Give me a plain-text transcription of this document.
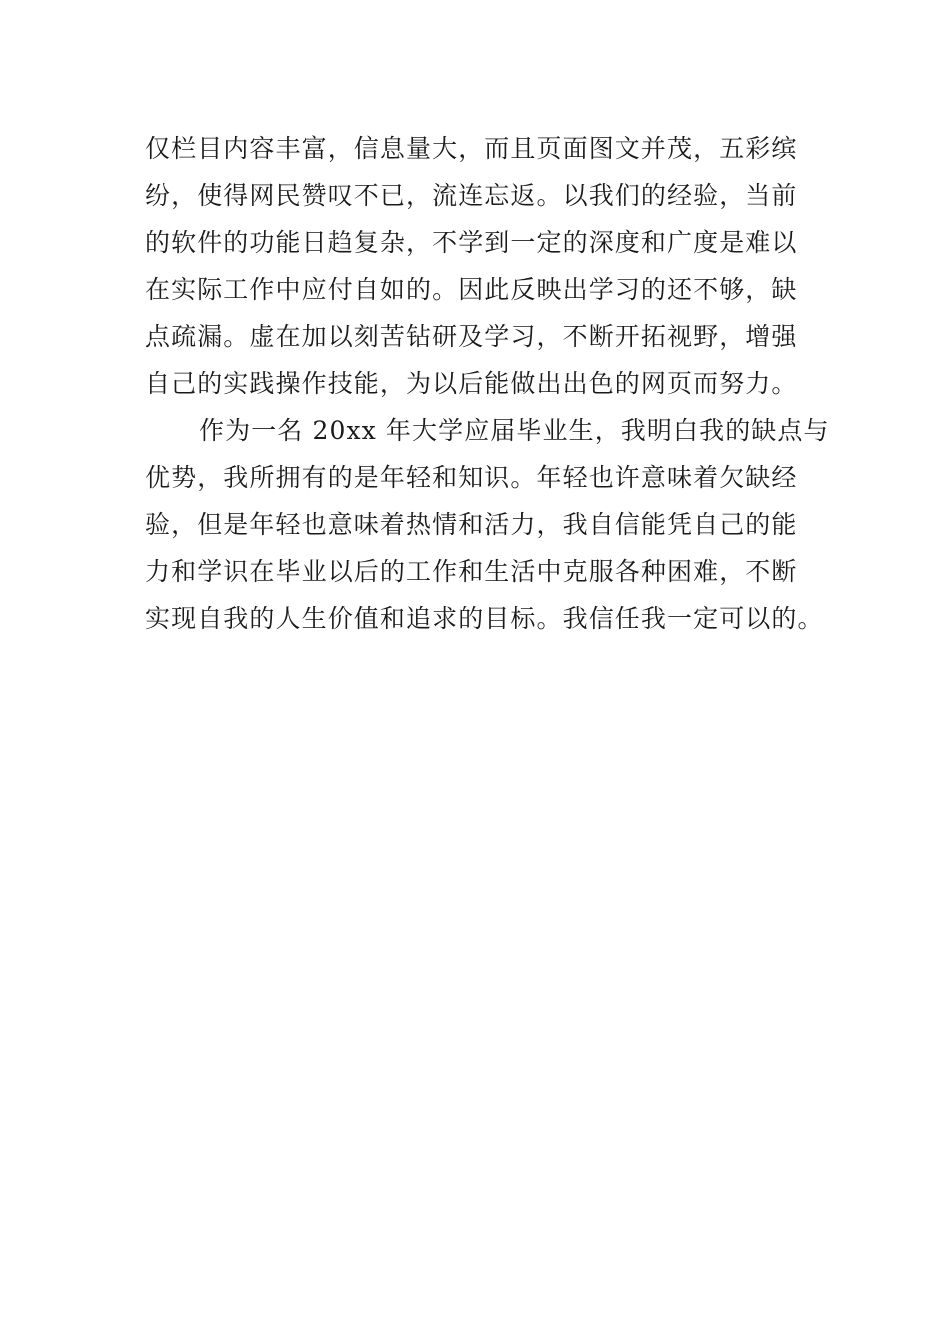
仅栏目内容丰富，信息量大，而且页面图文并茂，五彩缤
纷，使得网民赞叹不已，流连忘返。以我们的经验，当前
的软件的功能日趋复杂，不学到一定的深度和广度是难以
在实际工作中应付自如的。因此反映出学习的还不够，缺
点疏漏。虚在加以刻苦钻研及学习，不断开拓视野，增强
自己的实践操作技能，为以后能做出出色的网页而努力。
作为一名 20xx 年大学应届毕业生，我明白我的缺点与
优势，我所拥有的是年轻和知识。年轻也许意味着欠缺经
验，但是年轻也意味着热情和活力，我自信能凭自己的能
力和学识在毕业以后的工作和生活中克服各种困难，不断
实现自我的人生价值和追求的目标。我信任我一定可以的。
